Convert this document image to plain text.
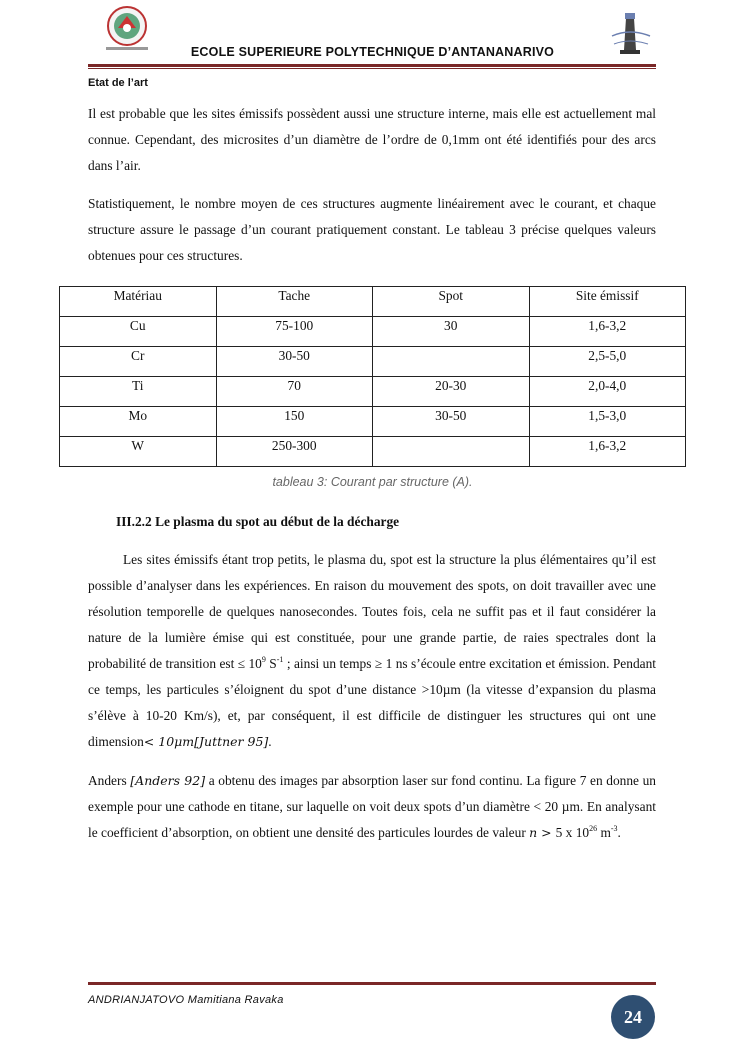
ECOLE SUPERIEURE POLYTECHNIQUE D’ANTANANARIVO
Etat de l’art

Il est probable que les sites émissifs possèdent aussi une structure interne, mais elle est actuellement mal connue. Cependant, des microsites d’un diamètre de l’ordre de 0,1mm ont été identifiés pour des arcs dans l’air.

Statistiquement, le nombre moyen de ces structures augmente linéairement avec le courant, et chaque structure assure le passage d’un courant pratiquement constant. Le tableau 3 précise quelques valeurs obtenues pour ces structures.

Matériau	Tache	Spot	Site émissif
Cu	75-100	30	1,6-3,2
Cr	30-50		2,5-5,0
Ti	70	20-30	2,0-4,0
Mo	150	30-50	1,5-3,0
W	250-300		1,6-3,2
tableau 3: Courant par structure (A).
III.2.2 Le plasma du spot au début de la décharge

Les sites émissifs étant trop petits, le plasma du, spot est la structure la plus élémentaires qu’il est possible d’analyser dans les expériences. En raison du mouvement des spots, on doit travailler avec une résolution temporelle de quelques nanosecondes. Toutes fois, cela ne suffit pas et il faut considérer la nature de la lumière émise qui est constituée, pour une grande partie, de raies spectrales dont la probabilité de transition est ≤ $10^9$ $S^{-1}$ ; ainsi un temps ≥ 1 ns s’écoule entre excitation et émission. Pendant ce temps, les particules s’éloignent du spot d’une distance >10µm (la vitesse d’expansion du plasma s’élève à 10-20 Km/s), et, par conséquent, il est difficile de distinguer les structures qui ont une dimension< 10μm[Juttner 95].

Anders [Anders 92] a obtenu des images par absorption laser sur fond continu. La figure 7 en donne un exemple pour une cathode en titane, sur laquelle on voit deux spots d’un diamètre < 20 µm. En analysant le coefficient d’absorption, on obtient une densité des particules lourdes de valeur n > 5 x $10^{26}$ $m^{-3}$.

ANDRIANJATOVO Mamitiana Ravaka
24
